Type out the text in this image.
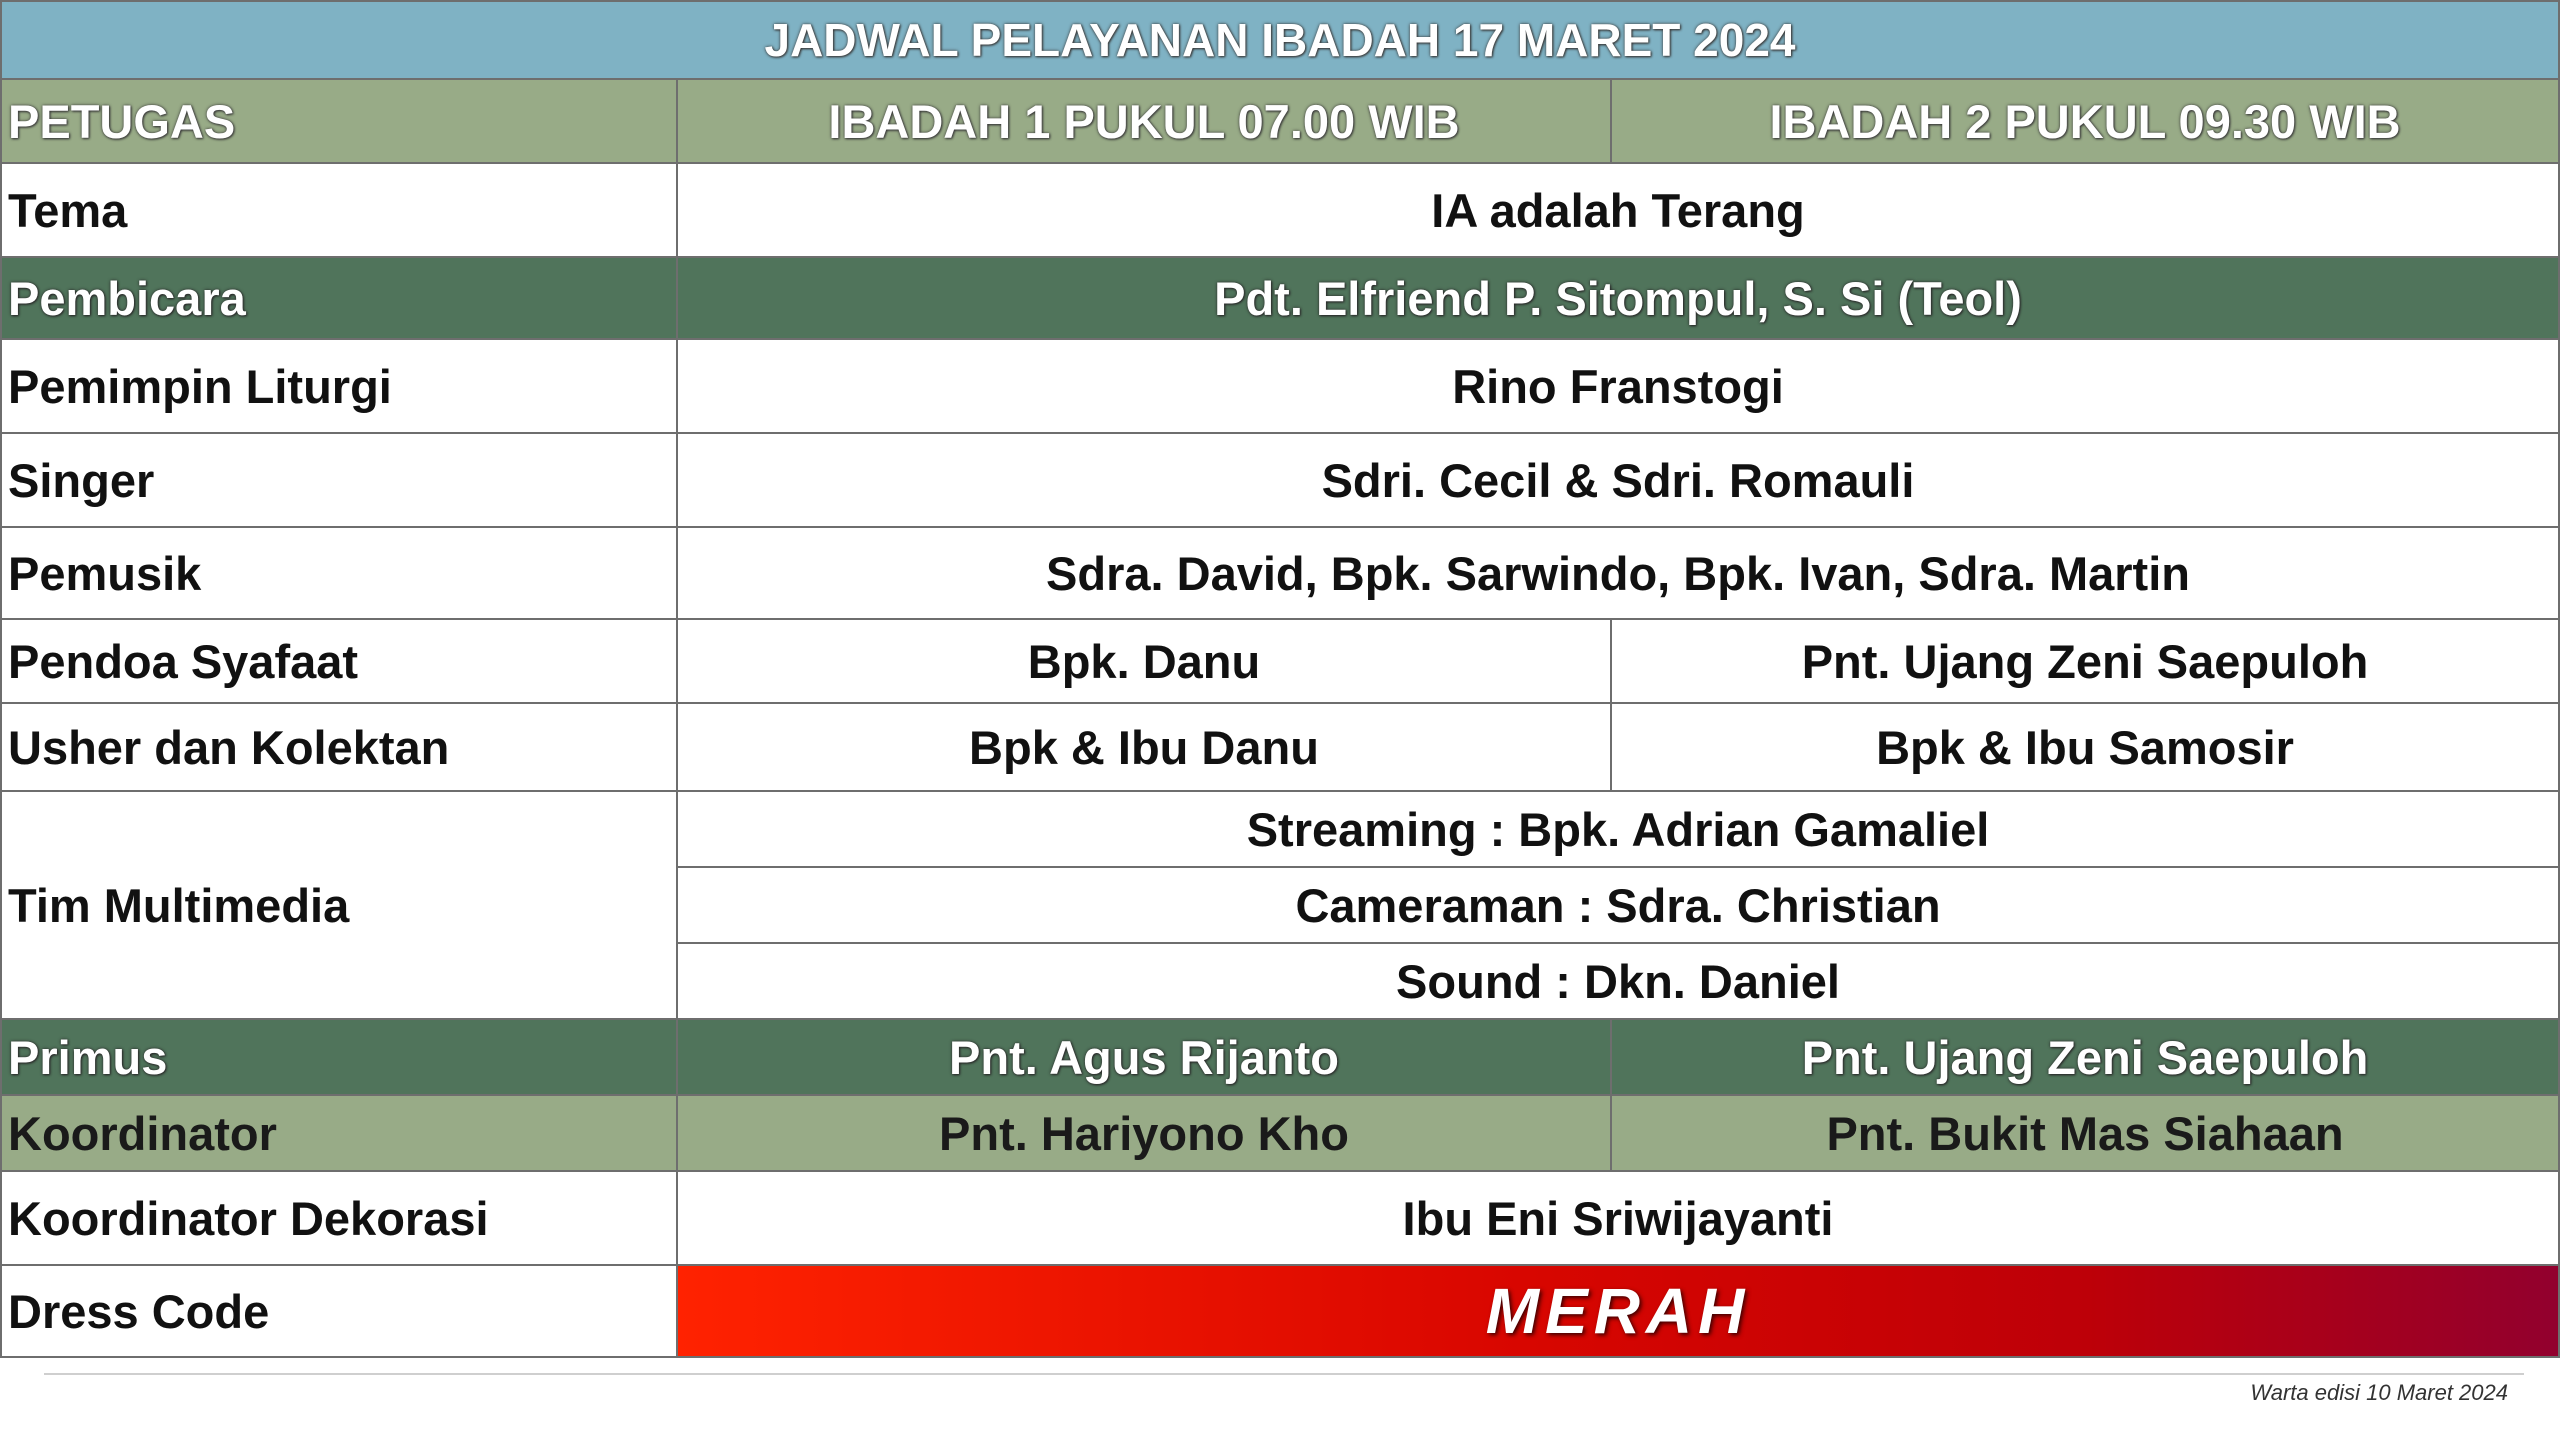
JADWAL PELAYANAN IBADAH 17 MARET 2024		
PETUGAS	IBADAH 1 PUKUL 07.00 WIB	IBADAH 2 PUKUL 09.30 WIB
Tema	IA adalah Terang	
Pembicara	Pdt. Elfriend P. Sitompul, S. Si (Teol)	
Pemimpin Liturgi	Rino Franstogi	
Singer	Sdri. Cecil & Sdri. Romauli	
Pemusik	Sdra. David, Bpk. Sarwindo, Bpk. Ivan, Sdra. Martin	
Pendoa Syafaat	Bpk. Danu	Pnt. Ujang Zeni Saepuloh
Usher dan Kolektan	Bpk & Ibu Danu	Bpk & Ibu Samosir
Tim Multimedia	Streaming : Bpk. Adrian Gamaliel	
	Cameraman : Sdra. Christian	
	Sound : Dkn. Daniel	
Primus	Pnt. Agus Rijanto	Pnt. Ujang Zeni Saepuloh
Koordinator	Pnt. Hariyono Kho	Pnt. Bukit Mas Siahaan
Koordinator Dekorasi	Ibu Eni Sriwijayanti	
Dress Code	MERAH	
Warta edisi 10 Maret 2024
